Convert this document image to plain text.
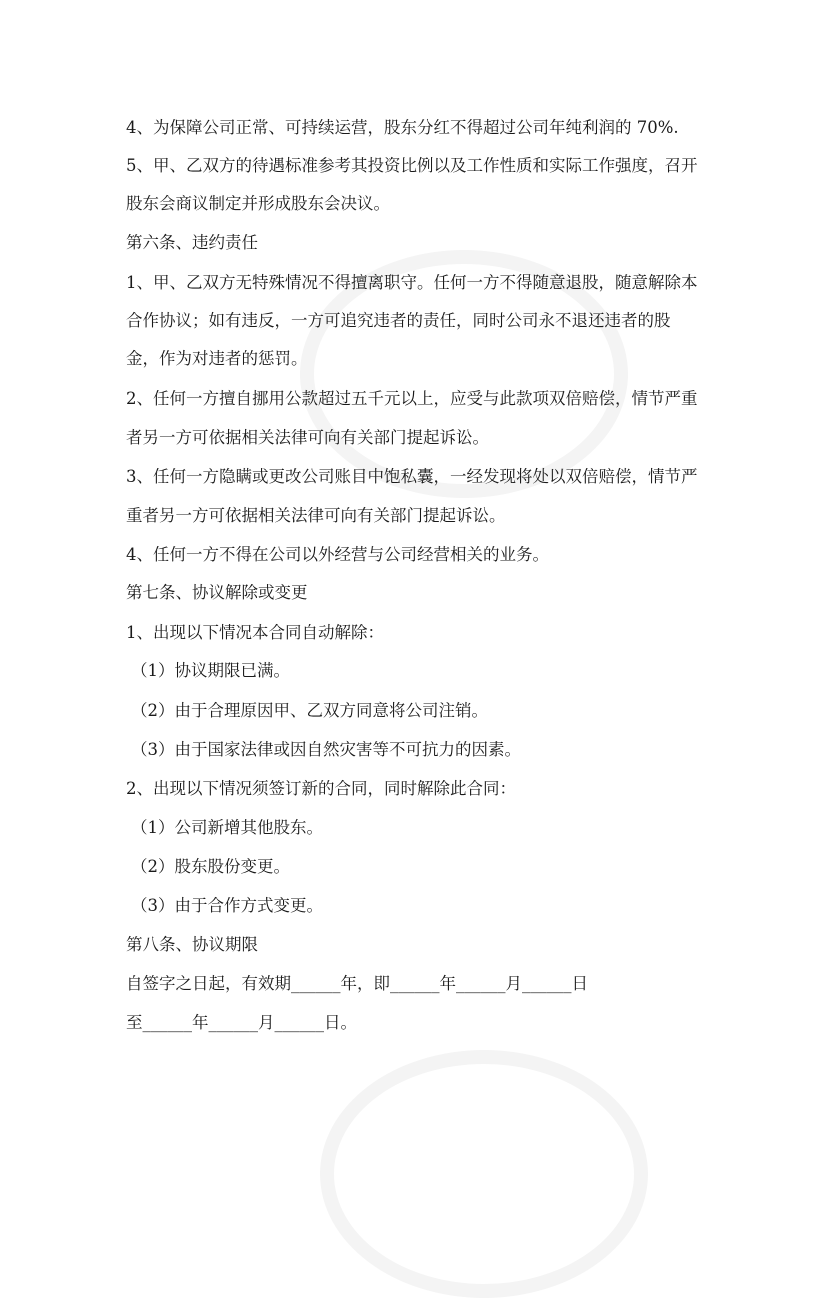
4、为保障公司正常、可持续运营，股东分红不得超过公司年纯利润的 70%.
5、甲、乙双方的待遇标准参考其投资比例以及工作性质和实际工作强度，召开
股东会商议制定并形成股东会决议。
第六条、违约责任
1、甲、乙双方无特殊情况不得擅离职守。任何一方不得随意退股，随意解除本
合作协议；如有违反，一方可追究违者的责任，同时公司永不退还违者的股
金，作为对违者的惩罚。
2、任何一方擅自挪用公款超过五千元以上，应受与此款项双倍赔偿，情节严重
者另一方可依据相关法律可向有关部门提起诉讼。
3、任何一方隐瞒或更改公司账目中饱私囊，一经发现将处以双倍赔偿，情节严
重者另一方可依据相关法律可向有关部门提起诉讼。
4、任何一方不得在公司以外经营与公司经营相关的业务。
第七条、协议解除或变更
1、出现以下情况本合同自动解除：
（1）协议期限已满。
（2）由于合理原因甲、乙双方同意将公司注销。
（3）由于国家法律或因自然灾害等不可抗力的因素。
2、出现以下情况须签订新的合同，同时解除此合同：
（1）公司新增其他股东。
（2）股东股份变更。
（3）由于合作方式变更。
第八条、协议期限
自签字之日起，有效期______年，即______年______月______日
至______年______月______日。
